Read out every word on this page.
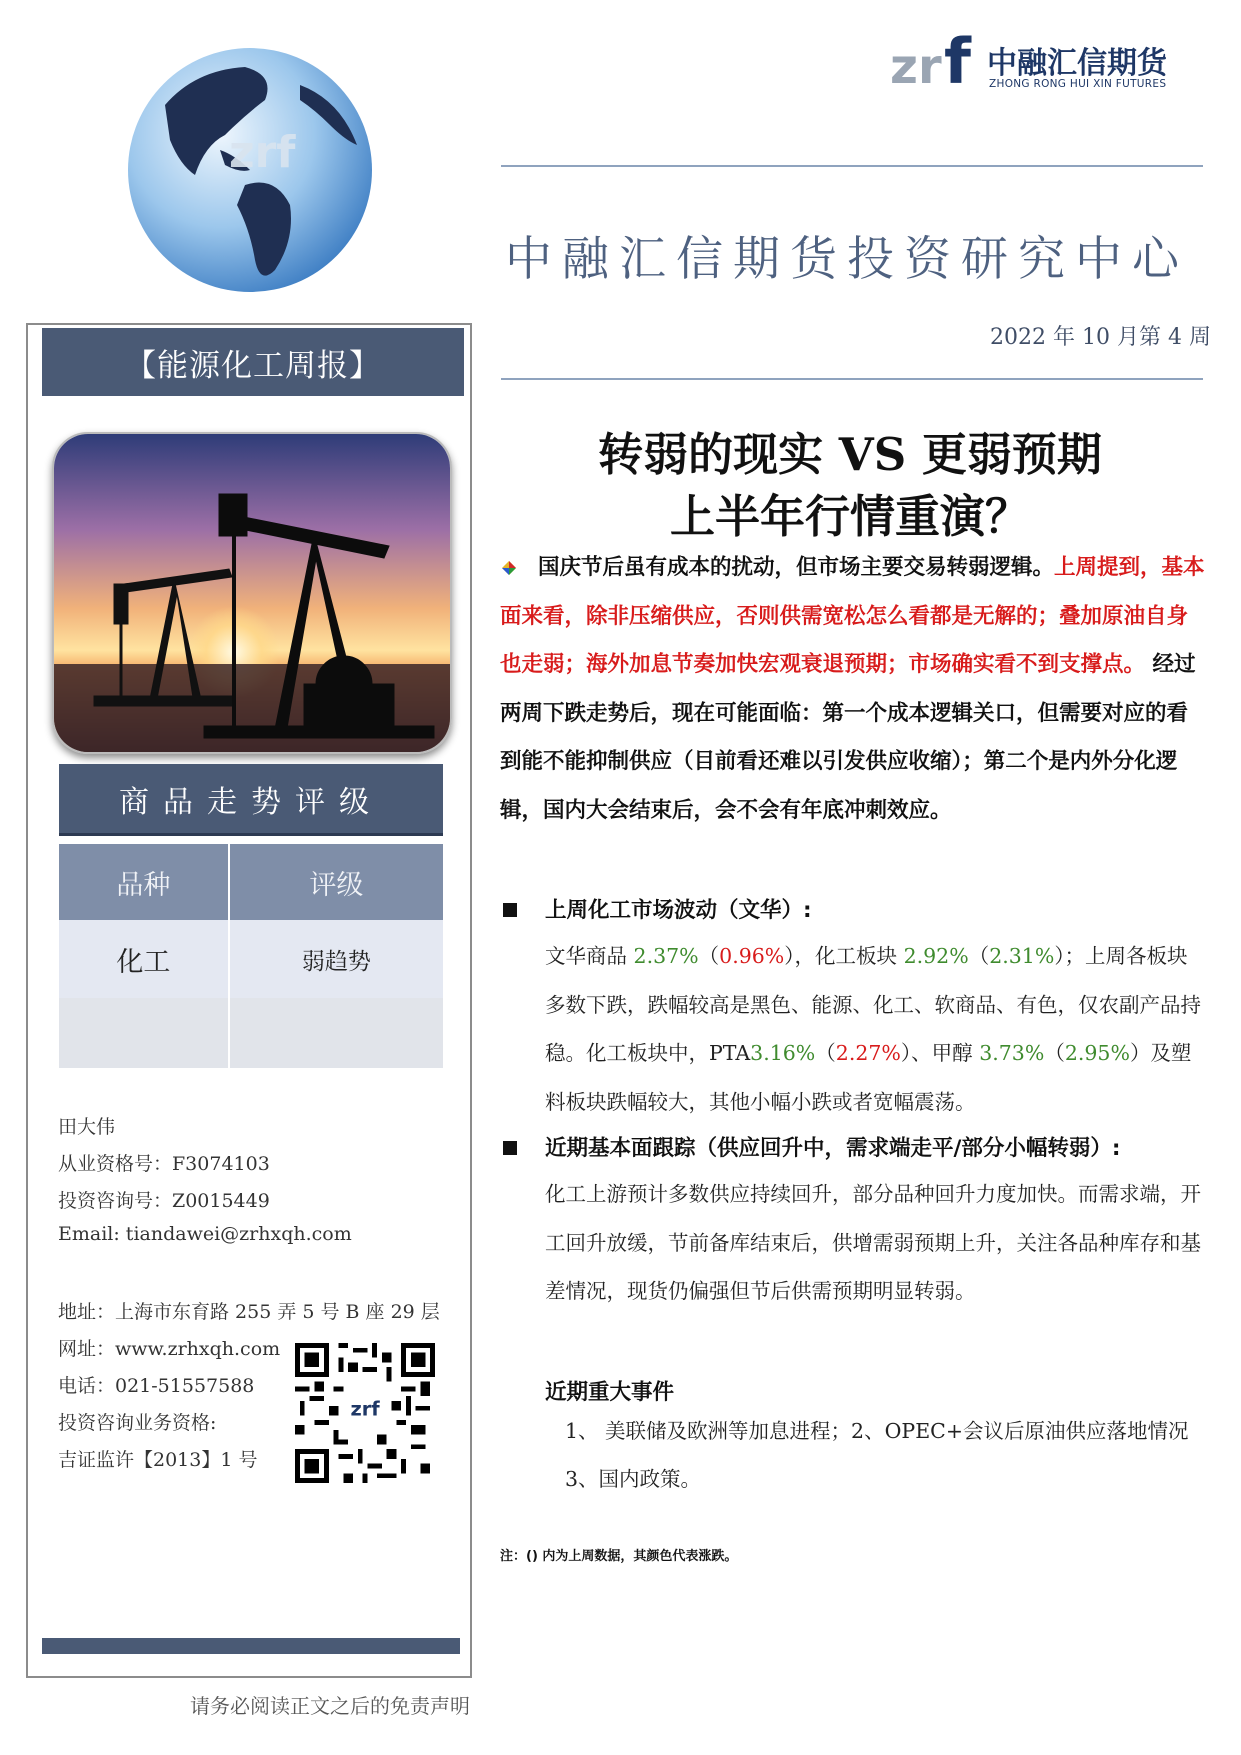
zrf
zr f 中融汇信期货
ZHONG RONG HUI XIN FUTURES
中融汇信期货投资研究中心
2022 年 10 月第 4 周
【能源化工周报】
商品走势评级
品种	评级
化工	弱趋势

田大伟
从业资格号：F3074103
投资咨询号：Z0015449
Email: tiandawei@zrhxqh.com
地址：上海市东育路 255 弄 5 号 B 座 29 层
网址：www.zrhxqh.com
电话：021-51557588
投资咨询业务资格:
吉证监许【2013】1 号
zrf
请务必阅读正文之后的免责声明
转弱的现实 VS 更弱预期
上半年行情重演？
国庆节后虽有成本的扰动，但市场主要交易转弱逻辑。上周提到，基本面来看，除非压缩供应，否则供需宽松怎么看都是无解的；叠加原油自身也走弱；海外加息节奏加快宏观衰退预期；市场确实看不到支撑点。 经过两周下跌走势后，现在可能面临：第一个成本逻辑关口，但需要对应的看到能不能抑制供应（目前看还难以引发供应收缩）；第二个是内外分化逻辑，国内大会结束后，会不会有年底冲刺效应。
上周化工市场波动（文华）:
文华商品 2.37%（0.96%），化工板块 2.92%（2.31%）；上周各板块多数下跌，跌幅较高是黑色、能源、化工、软商品、有色，仅农副产品持稳。化工板块中，PTA3.16%（2.27%）、甲醇 3.73%（2.95%）及塑料板块跌幅较大，其他小幅小跌或者宽幅震荡。
近期基本面跟踪（供应回升中，需求端走平/部分小幅转弱）:
化工上游预计多数供应持续回升，部分品种回升力度加快。而需求端，开工回升放缓，节前备库结束后，供增需弱预期上升，关注各品种库存和基差情况，现货仍偏强但节后供需预期明显转弱。
近期重大事件
1、 美联储及欧洲等加息进程；2、OPEC+会议后原油供应落地情况
3、国内政策。
注：() 内为上周数据，其颜色代表涨跌。
